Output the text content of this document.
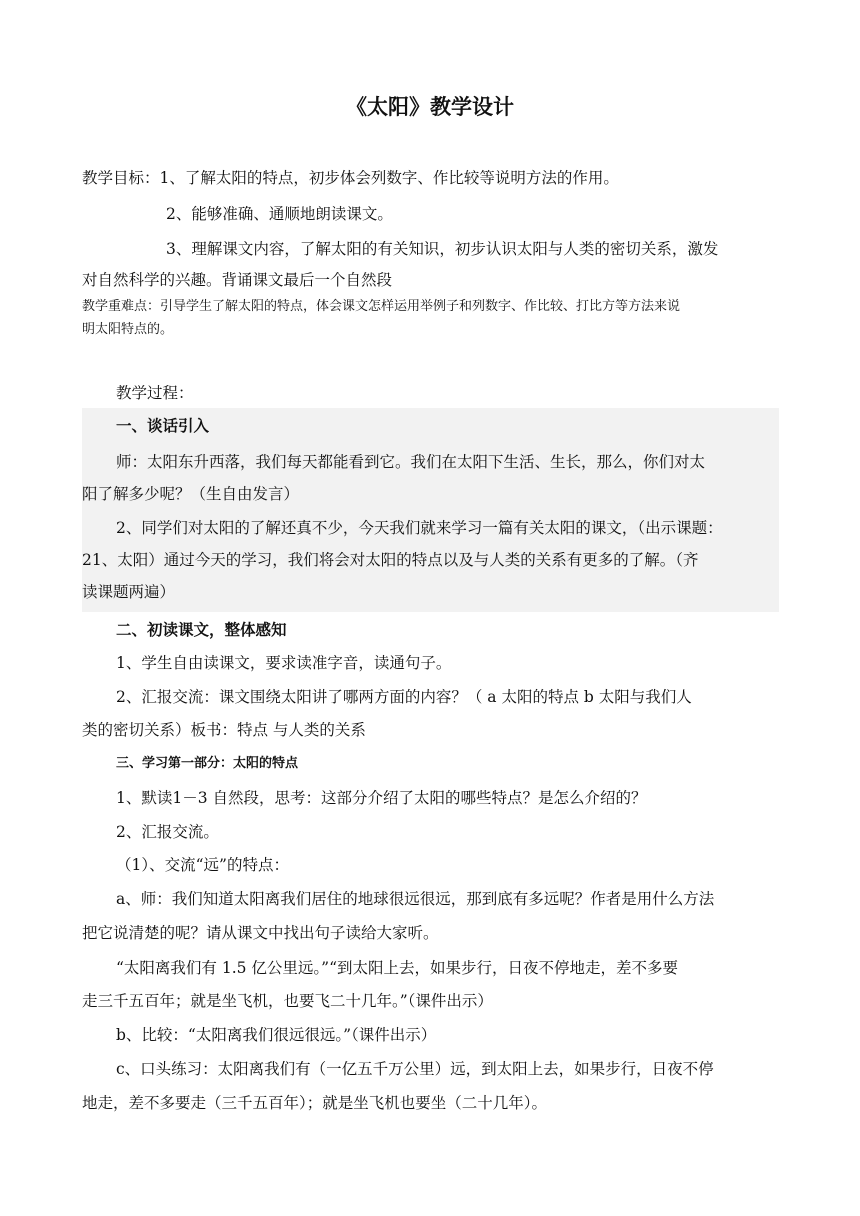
《太阳》教学设计
教学目标：1、了解太阳的特点，初步体会列数字、作比较等说明方法的作用。
2、能够准确、通顺地朗读课文。
3、理解课文内容，了解太阳的有关知识，初步认识太阳与人类的密切关系，激发
对自然科学的兴趣。背诵课文最后一个自然段
教学重难点：引导学生了解太阳的特点，体会课文怎样运用举例子和列数字、作比较、打比方等方法来说
明太阳特点的。
教学过程：
一、谈话引入
师：太阳东升西落，我们每天都能看到它。我们在太阳下生活、生长，那么，你们对太
阳了解多少呢？（生自由发言）
2、同学们对太阳的了解还真不少，今天我们就来学习一篇有关太阳的课文，（出示课题：
21、太阳）通过今天的学习，我们将会对太阳的特点以及与人类的关系有更多的了解。（齐
读课题两遍）
二、初读课文，整体感知
1、学生自由读课文，要求读准字音，读通句子。
2、汇报交流：课文围绕太阳讲了哪两方面的内容？（ a 太阳的特点 b 太阳与我们人
类的密切关系）板书：特点 与人类的关系
三、学习第一部分：太阳的特点
1、默读1－3 自然段，思考：这部分介绍了太阳的哪些特点？是怎么介绍的？
2、汇报交流。
（1）、交流“远”的特点：
a、师：我们知道太阳离我们居住的地球很远很远，那到底有多远呢？作者是用什么方法
把它说清楚的呢？请从课文中找出句子读给大家听。
“太阳离我们有 1.5 亿公里远。”“到太阳上去，如果步行，日夜不停地走，差不多要
走三千五百年；就是坐飞机，也要飞二十几年。”（课件出示）
b、比较：“太阳离我们很远很远。”（课件出示）
c、口头练习：太阳离我们有（一亿五千万公里）远，到太阳上去，如果步行，日夜不停
地走，差不多要走（三千五百年）；就是坐飞机也要坐（二十几年）。
